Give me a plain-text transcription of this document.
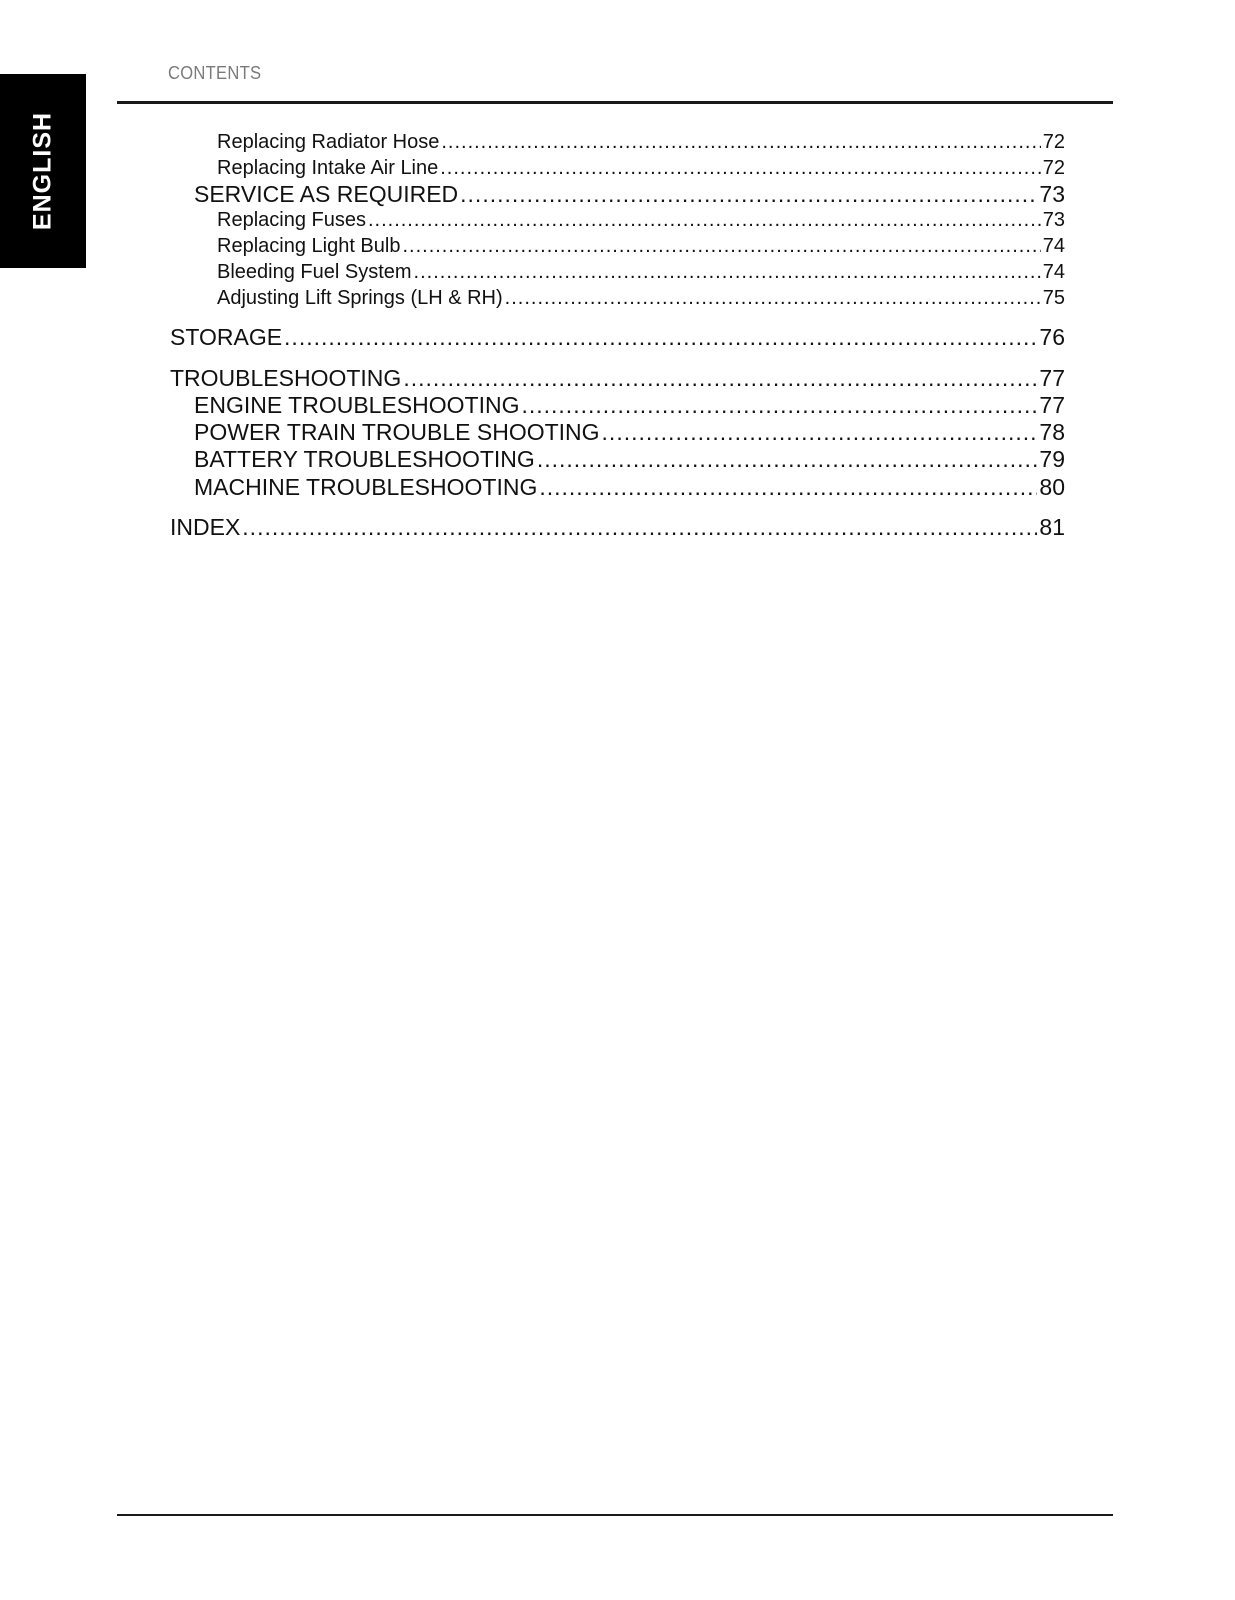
ENGLISH
CONTENTS
Replacing Radiator Hose .....	72
Replacing Intake Air Line .....	72
SERVICE AS REQUIRED .....	73
Replacing Fuses .....	73
Replacing Light Bulb .....	74
Bleeding Fuel System .....	74
Adjusting Lift Springs (LH & RH) .....	75
STORAGE .....	76
TROUBLESHOOTING .....	77
ENGINE TROUBLESHOOTING .....	77
POWER TRAIN TROUBLE SHOOTING .....	78
BATTERY TROUBLESHOOTING .....	79
MACHINE TROUBLESHOOTING .....	80
INDEX .....	81
